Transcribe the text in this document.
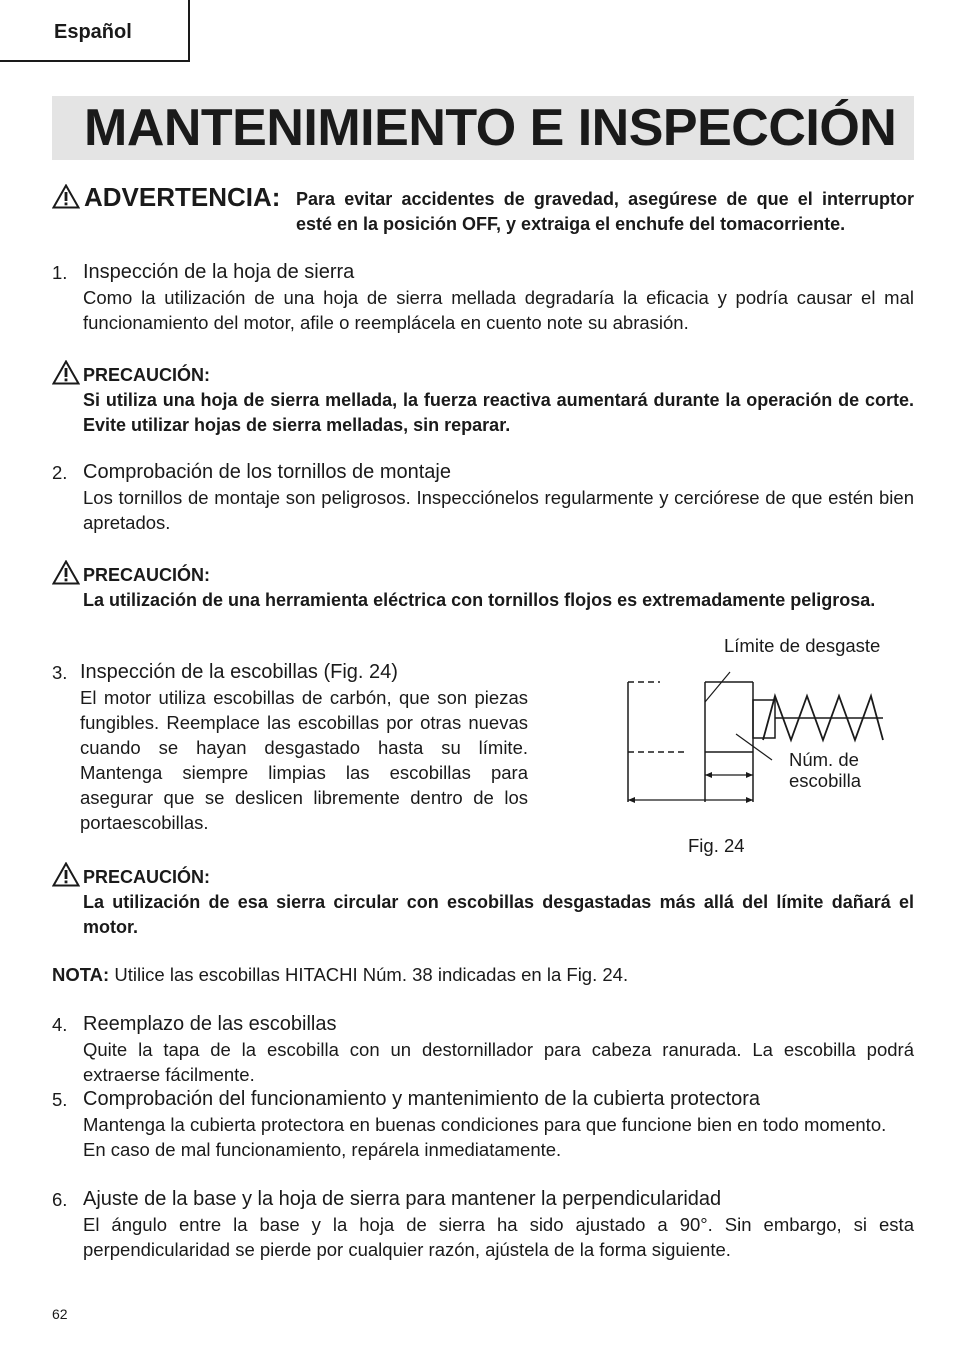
Español
MANTENIMIENTO E INSPECCIÓN
ADVERTENCIA: Para evitar accidentes de gravedad, asegúrese de que el interruptor esté en la posición OFF, y extraiga el enchufe del tomacorriente.
1. Inspección de la hoja de sierra
Como la utilización de una hoja de sierra mellada degradaría la eficacia y podría causar el mal funcionamiento del motor, afile o reemplácela en cuento note su abrasión.
PRECAUCIÓN:
Si utiliza una hoja de sierra mellada, la fuerza reactiva aumentará durante la operación de corte. Evite utilizar hojas de sierra melladas, sin reparar.
2. Comprobación de los tornillos de montaje
Los tornillos de montaje son peligrosos. Inspecciónelos regularmente y cerciórese de que estén bien apretados.
PRECAUCIÓN:
La utilización de una herramienta eléctrica con tornillos flojos es extremadamente peligrosa.
3. Inspección de la escobillas (Fig. 24)
El motor utiliza escobillas de carbón, que son piezas fungibles. Reemplace las escobillas por otras nuevas cuando se hayan desgastado hasta su límite. Mantenga siempre limpias las escobillas para asegurar que se deslicen libremente dentro de los portaescobillas.
Límite de desgaste
Núm. de
escobilla
Fig. 24
PRECAUCIÓN:
La utilización de esa sierra circular con escobillas desgastadas más allá del límite dañará el motor.
NOTA: Utilice las escobillas HITACHI Núm. 38 indicadas en la Fig. 24.
4. Reemplazo de las escobillas
Quite la tapa de la escobilla con un destornillador para cabeza ranurada. La escobilla podrá extraerse fácilmente.
5. Comprobación del funcionamiento y mantenimiento de la cubierta protectora
Mantenga la cubierta protectora en buenas condiciones para que funcione bien en todo momento.
En caso de mal funcionamiento, repárela inmediatamente.
6. Ajuste de la base y la hoja de sierra para mantener la perpendicularidad
El ángulo entre la base y la hoja de sierra ha sido ajustado a 90°. Sin embargo, si esta perpendicularidad se pierde por cualquier razón, ajústela de la forma siguiente.
62
